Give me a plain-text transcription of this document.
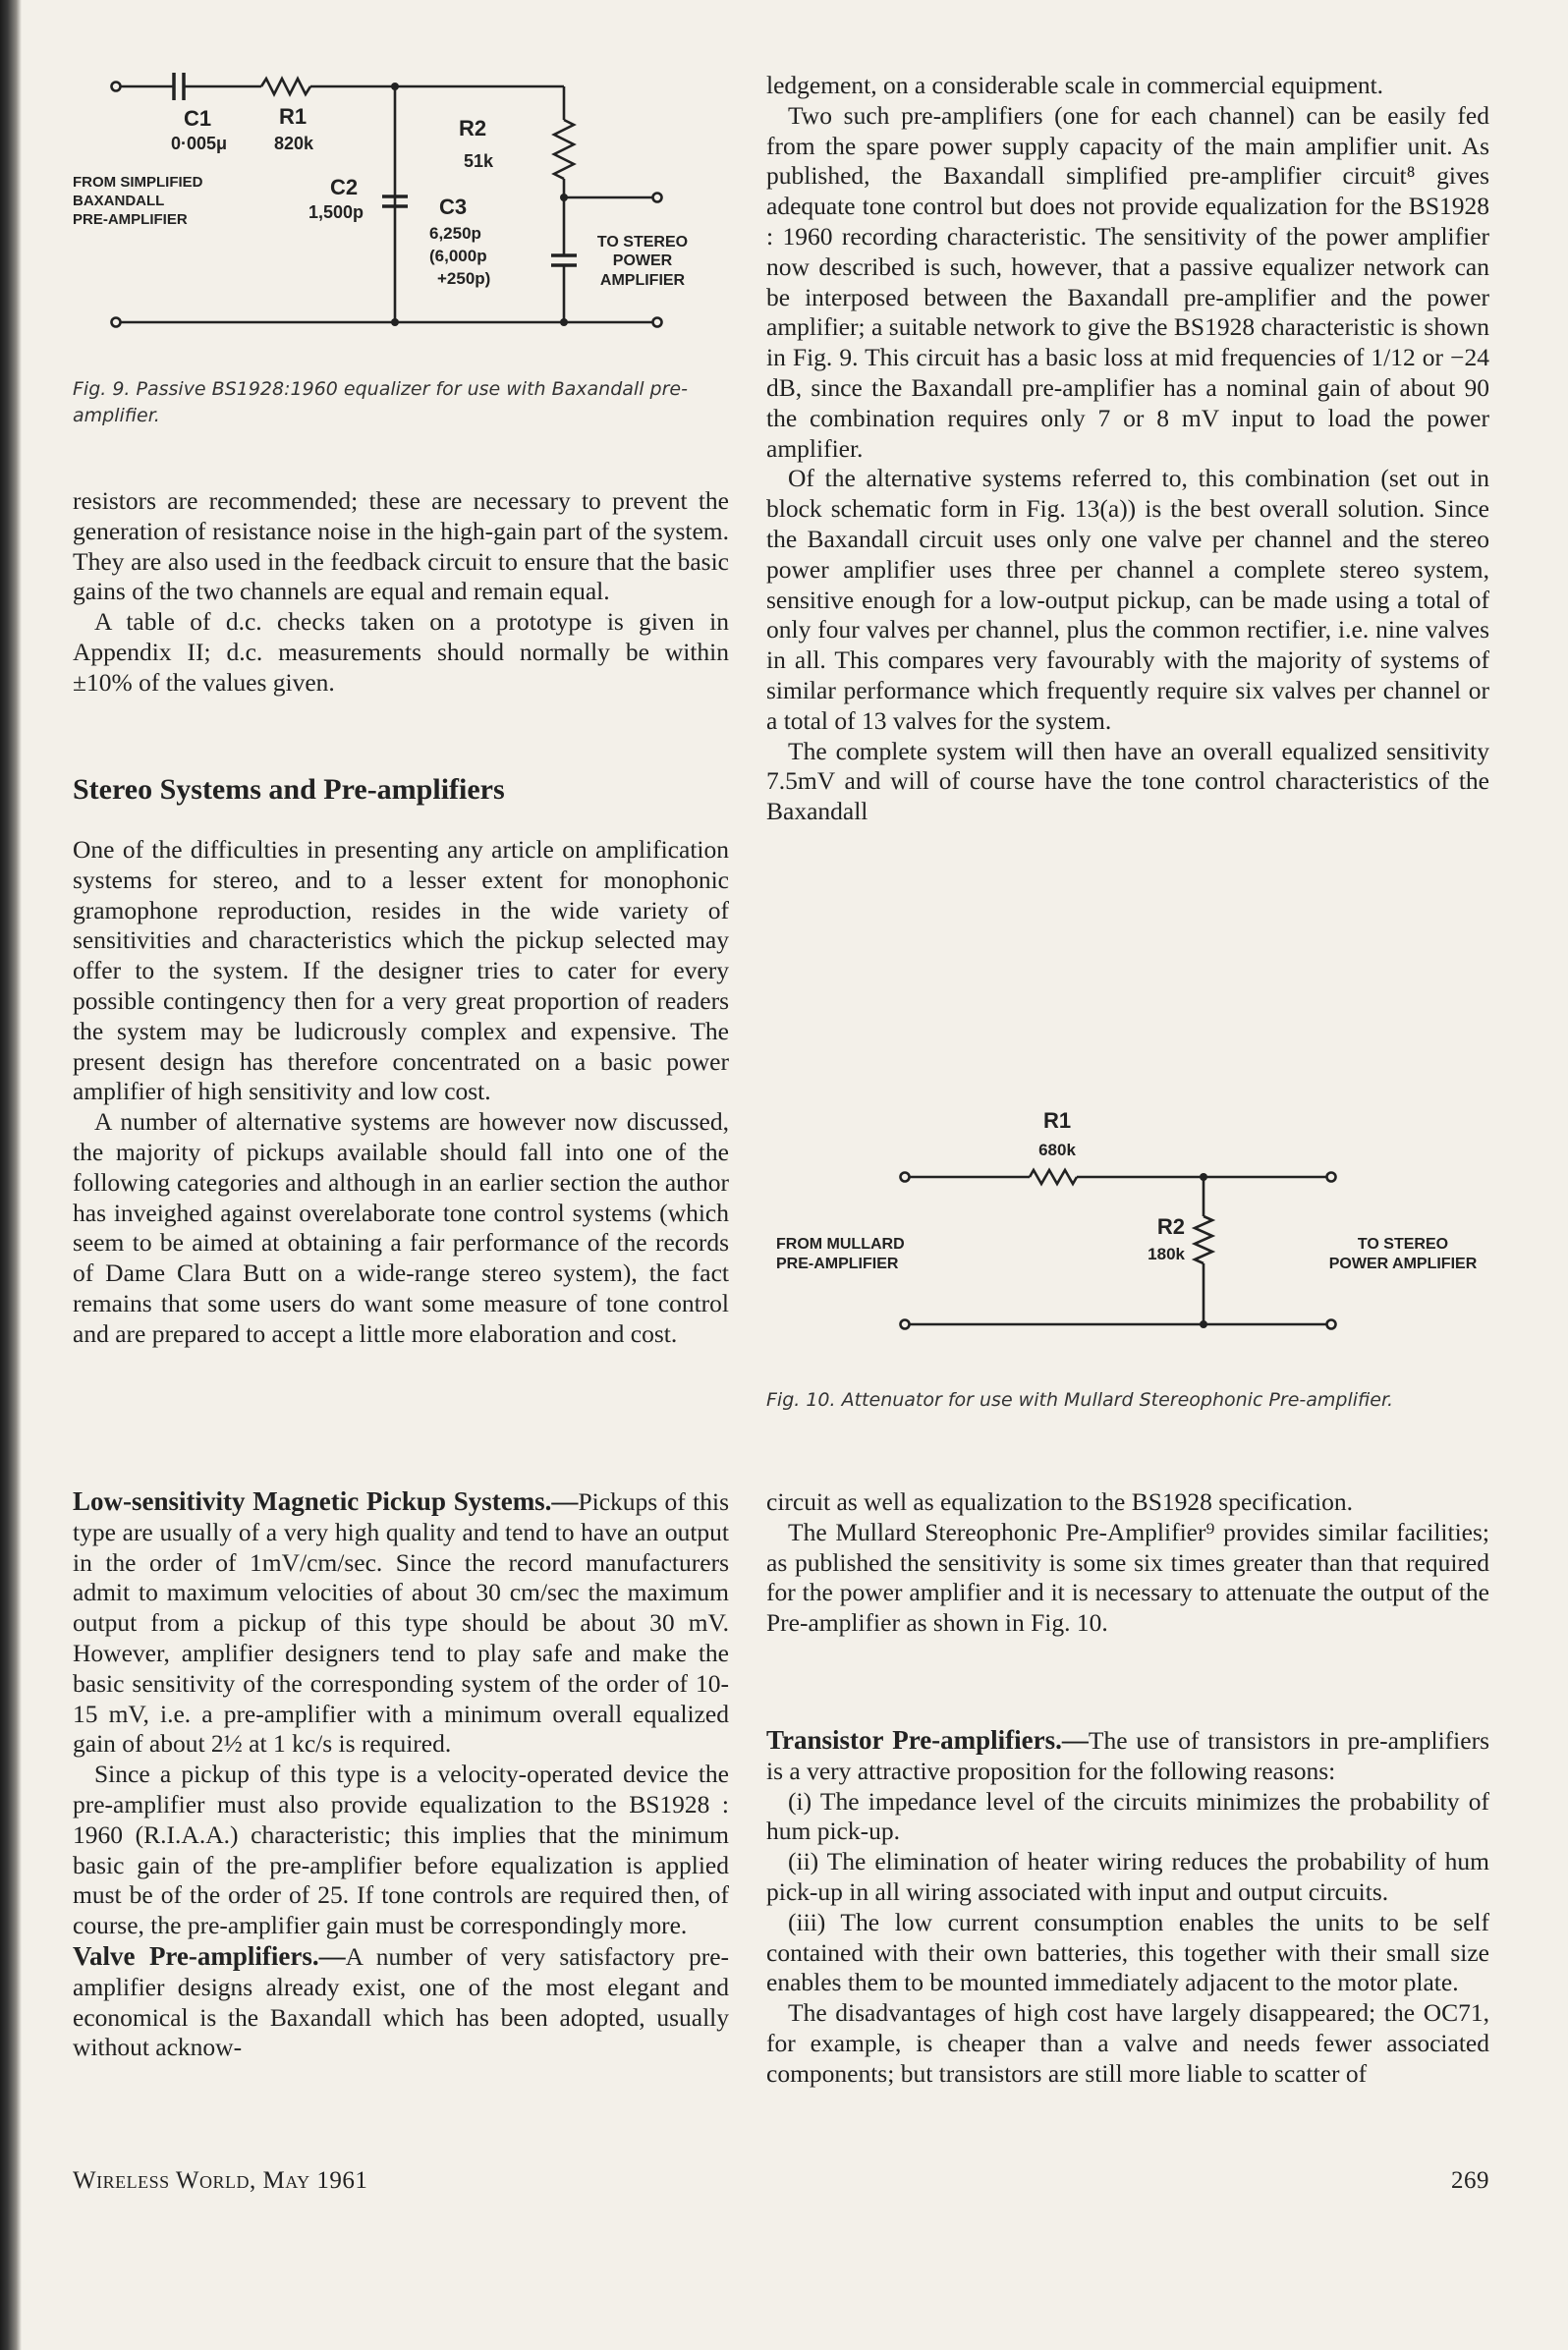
C1
0·005μ
R1
820k
R2
51k
C2
1,500p	C3
6,250p
(6,000p
+250p)
FROM SIMPLIFIED
BAXANDALL
PRE-AMPLIFIER
TO STEREO
POWER
AMPLIFIER
Fig. 9. Passive BS1928:1960 equalizer for use with Baxandall pre-amplifier.

resistors are recommended; these are necessary to prevent the generation of resistance noise in the high-gain part of the system. They are also used in the feedback circuit to ensure that the basic gains of the two channels are equal and remain equal.

A table of d.c. checks taken on a prototype is given in Appendix II; d.c. measurements should normally be within ±10% of the values given.

Stereo Systems and Pre-amplifiers

One of the difficulties in presenting any article on amplification systems for stereo, and to a lesser extent for monophonic gramophone reproduction, resides in the wide variety of sensitivities and characteristics which the pickup selected may offer to the system. If the designer tries to cater for every possible contingency then for a very great proportion of readers the system may be ludicrously complex and expensive. The present design has therefore concentrated on a basic power amplifier of high sensitivity and low cost.

A number of alternative systems are however now discussed, the majority of pickups available should fall into one of the following categories and although in an earlier section the author has inveighed against overelaborate tone control systems (which seem to be aimed at obtaining a fair performance of the records of Dame Clara Butt on a wide-range stereo system), the fact remains that some users do want some measure of tone control and are prepared to accept a little more elaboration and cost.

Low-sensitivity Magnetic Pickup Systems.—Pickups of this type are usually of a very high quality and tend to have an output in the order of 1mV/cm/sec. Since the record manufacturers admit to maximum velocities of about 30 cm/sec the maximum output from a pickup of this type should be about 30 mV. However, amplifier designers tend to play safe and make the basic sensitivity of the corresponding system of the order of 10-15 mV, i.e. a pre-amplifier with a minimum overall equalized gain of about 2½ at 1 kc/s is required.

Since a pickup of this type is a velocity-operated device the pre-amplifier must also provide equalization to the BS1928 : 1960 (R.I.A.A.) characteristic; this implies that the minimum basic gain of the pre-amplifier before equalization is applied must be of the order of 25. If tone controls are required then, of course, the pre-amplifier gain must be correspondingly more.

Valve Pre-amplifiers.—A number of very satisfactory pre-amplifier designs already exist, one of the most elegant and economical is the Baxandall which has been adopted, usually without acknow-

Wireless World, May 1961

ledgement, on a considerable scale in commercial equipment.

Two such pre-amplifiers (one for each channel) can be easily fed from the spare power supply capacity of the main amplifier unit. As published, the Baxandall simplified pre-amplifier circuit⁸ gives adequate tone control but does not provide equalization for the BS1928 : 1960 recording characteristic. The sensitivity of the power amplifier now described is such, however, that a passive equalizer network can be interposed between the Baxandall pre-amplifier and the power amplifier; a suitable network to give the BS1928 characteristic is shown in Fig. 9. This circuit has a basic loss at mid frequencies of 1/12 or −24 dB, since the Baxandall pre-amplifier has a nominal gain of about 90 the combination requires only 7 or 8 mV input to load the power amplifier.

Of the alternative systems referred to, this combination (set out in block schematic form in Fig. 13(a)) is the best overall solution. Since the Baxandall circuit uses only one valve per channel and the stereo power amplifier uses three per channel a complete stereo system, sensitive enough for a low-output pickup, can be made using a total of only four valves per channel, plus the common rectifier, i.e. nine valves in all. This compares very favourably with the majority of systems of similar performance which frequently require six valves per channel or a total of 13 valves for the system.

The complete system will then have an overall equalized sensitivity 7.5mV and will of course have the tone control characteristics of the Baxandall

R1
680k
R2
180k
FROM MULLARD
PRE-AMPLIFIER
TO STEREO
POWER AMPLIFIER
Fig. 10. Attenuator for use with Mullard Stereophonic Pre-amplifier.

circuit as well as equalization to the BS1928 specification.

The Mullard Stereophonic Pre-Amplifier⁹ provides similar facilities; as published the sensitivity is some six times greater than that required for the power amplifier and it is necessary to attenuate the output of the Pre-amplifier as shown in Fig. 10.

Transistor Pre-amplifiers.—The use of transistors in pre-amplifiers is a very attractive proposition for the following reasons:

(i) The impedance level of the circuits minimizes the probability of hum pick-up.

(ii) The elimination of heater wiring reduces the probability of hum pick-up in all wiring associated with input and output circuits.

(iii) The low current consumption enables the units to be self contained with their own batteries, this together with their small size enables them to be mounted immediately adjacent to the motor plate.

The disadvantages of high cost have largely disappeared; the OC71, for example, is cheaper than a valve and needs fewer associated components; but transistors are still more liable to scatter of

269
